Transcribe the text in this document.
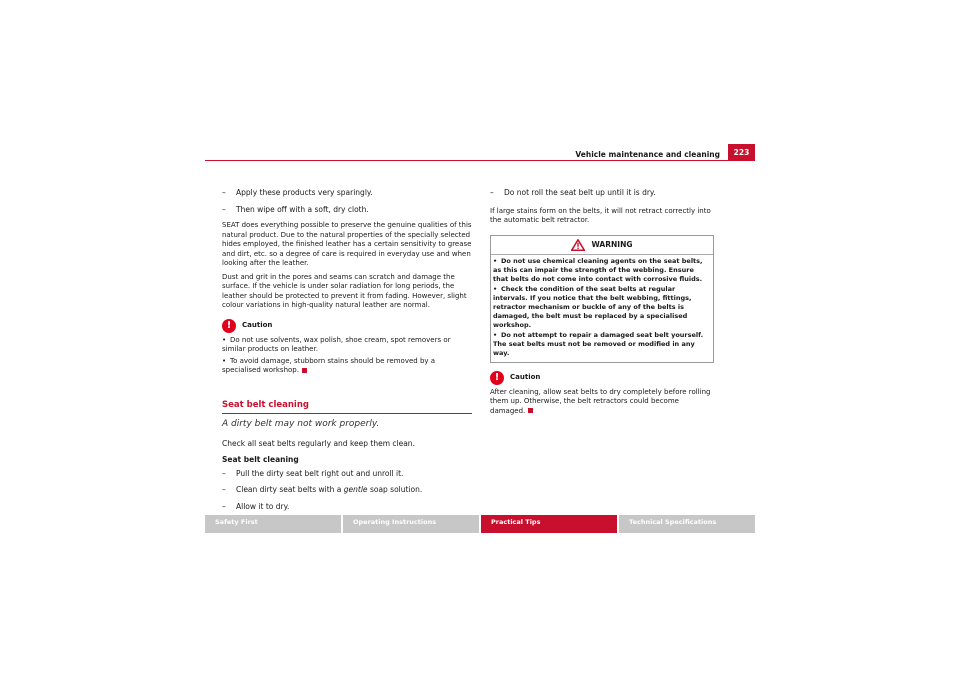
Vehicle maintenance and cleaning	223
– Apply these products very sparingly.
– Then wipe off with a soft, dry cloth.

SEAT does everything possible to preserve the genuine qualities of this natural product. Due to the natural properties of the specially selected hides employed, the finished leather has a certain sensitivity to grease and dirt, etc. so a degree of care is required in everyday use and when looking after the leather.

Dust and grit in the pores and seams can scratch and damage the surface. If the vehicle is under solar radiation for long periods, the leather should be protected to prevent it from fading. However, slight colour variations in high-quality natural leather are normal.

!	Caution
• Do not use solvents, wax polish, shoe cream, spot removers or similar products on leather.
• To avoid damage, stubborn stains should be removed by a specialised workshop.
Seat belt cleaning
A dirty belt may not work properly.
Check all seat belts regularly and keep them clean.
Seat belt cleaning
– Pull the dirty seat belt right out and unroll it.
– Clean dirty seat belts with a gentle soap solution.
– Allow it to dry.
– Do not roll the seat belt up until it is dry.

If large stains form on the belts, it will not retract correctly into the automatic belt retractor.

WARNING
• Do not use chemical cleaning agents on the seat belts, as this can impair the strength of the webbing. Ensure that belts do not come into contact with corrosive fluids.
• Check the condition of the seat belts at regular intervals. If you notice that the belt webbing, fittings, retractor mechanism or buckle of any of the belts is damaged, the belt must be replaced by a specialised workshop.
• Do not attempt to repair a damaged seat belt yourself. The seat belts must not be removed or modified in any way.
!	Caution
After cleaning, allow seat belts to dry completely before rolling them up. Otherwise, the belt retractors could become damaged.
Safety First	Operating Instructions	Practical Tips	Technical Specifications
